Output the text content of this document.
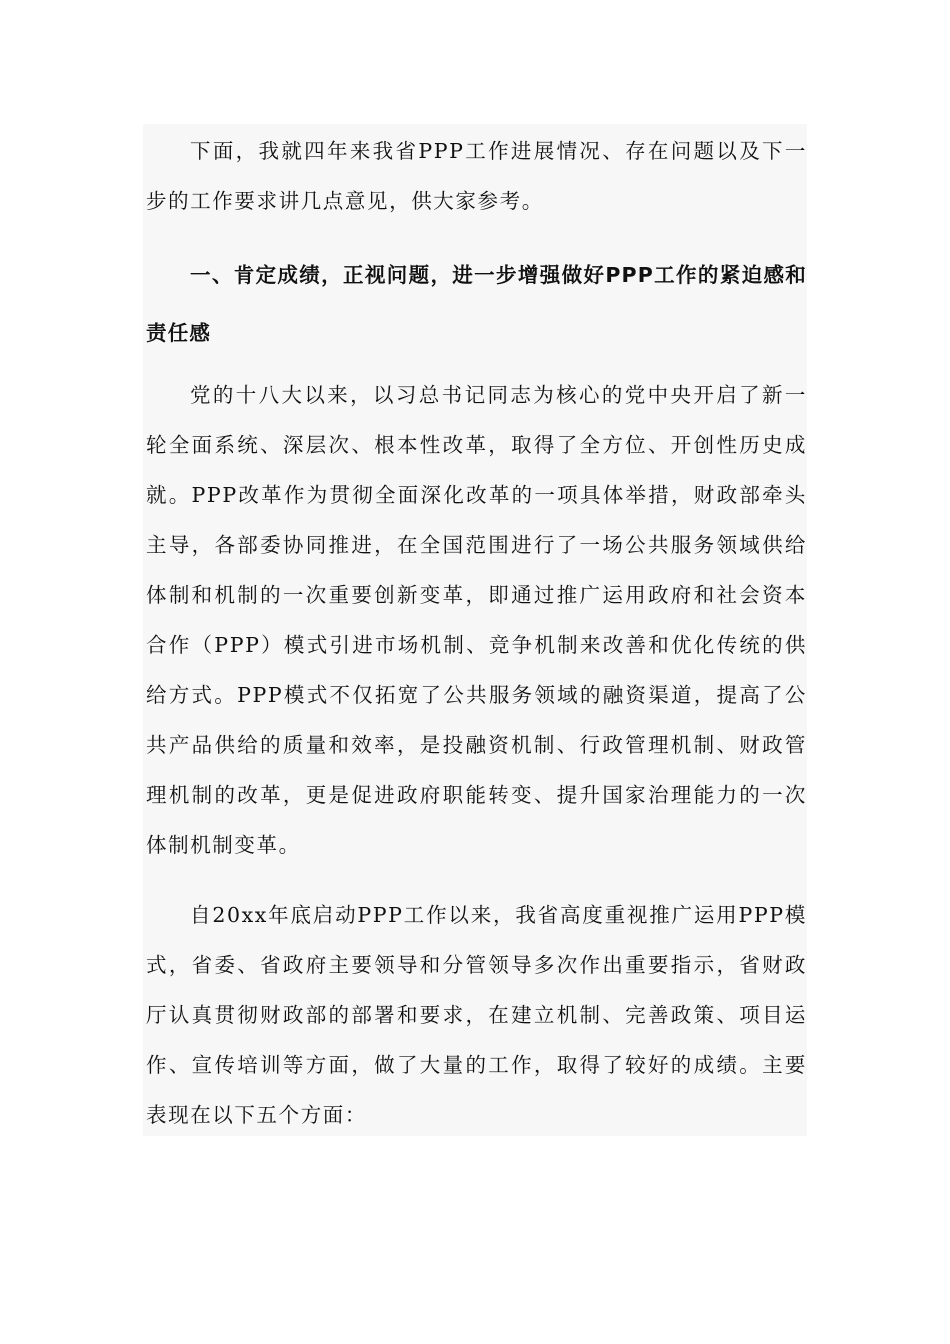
下面，我就四年来我省PPP工作进展情况、存在问题以及下一步的工作要求讲几点意见，供大家参考。

一、肯定成绩，正视问题，进一步增强做好PPP工作的紧迫感和责任感

党的十八大以来，以习总书记同志为核心的党中央开启了新一轮全面系统、深层次、根本性改革，取得了全方位、开创性历史成就。PPP改革作为贯彻全面深化改革的一项具体举措，财政部牵头主导，各部委协同推进，在全国范围进行了一场公共服务领域供给体制和机制的一次重要创新变革，即通过推广运用政府和社会资本合作（PPP）模式引进市场机制、竞争机制来改善和优化传统的供给方式。PPP模式不仅拓宽了公共服务领域的融资渠道，提高了公共产品供给的质量和效率，是投融资机制、行政管理机制、财政管理机制的改革，更是促进政府职能转变、提升国家治理能力的一次体制机制变革。

自20xx年底启动PPP工作以来，我省高度重视推广运用PPP模式，省委、省政府主要领导和分管领导多次作出重要指示，省财政厅认真贯彻财政部的部署和要求，在建立机制、完善政策、项目运作、宣传培训等方面，做了大量的工作，取得了较好的成绩。主要表现在以下五个方面：
